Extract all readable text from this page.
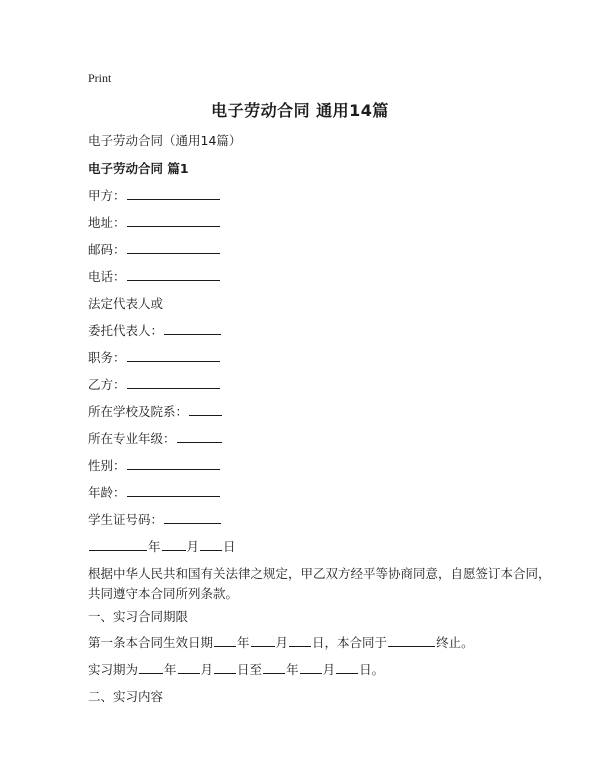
Print
电子劳动合同 通用14篇
电子劳动合同（通用14篇）
电子劳动合同 篇1
甲方：
地址：
邮码：
电话：
法定代表人或
委托代表人：
职务：
乙方：
所在学校及院系：
所在专业年级：
性别：
年龄：
学生证号码：
年 月 日
根据中华人民共和国有关法律之规定，甲乙双方经平等协商同意，自愿签订本合同，共同遵守本合同所列条款。
一、实习合同期限
第一条本合同生效日期 年 月 日，本合同于	终止。
实习期为 年 月 日至 年 月 日。
二、实习内容
